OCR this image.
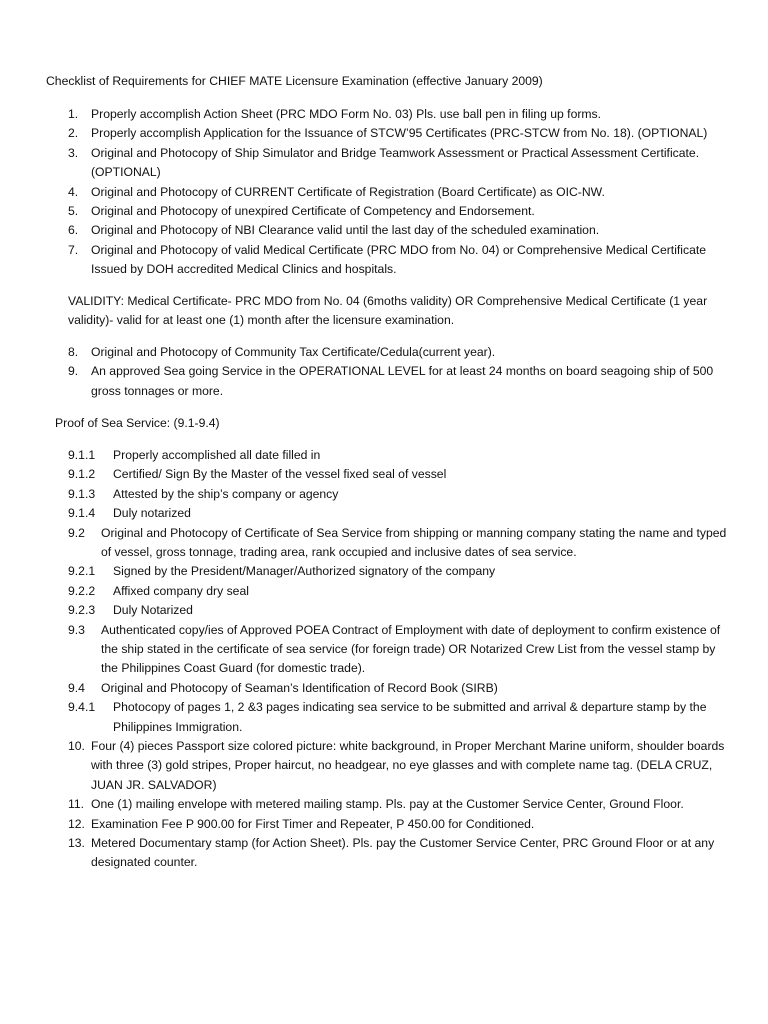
Checklist of Requirements for CHIEF MATE Licensure Examination (effective January 2009)
1.	Properly accomplish Action Sheet (PRC MDO Form No. 03) Pls. use ball pen in filing up forms.
2.	Properly accomplish Application for the Issuance of STCW’95 Certificates (PRC-STCW from No. 18). (OPTIONAL)
3.	Original and Photocopy of Ship Simulator and Bridge Teamwork Assessment or Practical Assessment Certificate.(OPTIONAL)
4.	Original and Photocopy of CURRENT Certificate of Registration (Board Certificate) as OIC-NW.
5.	Original and Photocopy of unexpired Certificate of Competency and Endorsement.
6.	Original and Photocopy of NBI Clearance valid until the last day of the scheduled examination.
7.	Original and Photocopy of valid Medical Certificate (PRC MDO from No. 04) or Comprehensive Medical Certificate Issued by DOH accredited Medical Clinics and hospitals.
VALIDITY: Medical Certificate- PRC MDO from No. 04 (6moths validity) OR Comprehensive Medical Certificate (1 year validity)- valid for at least one (1) month after the licensure examination.
8.	Original and Photocopy of Community Tax Certificate/Cedula(current year).
9.	An approved Sea going Service in the OPERATIONAL LEVEL for at least 24 months on board seagoing ship of 500 gross tonnages or more.
Proof of Sea Service: (9.1-9.4)
9.1.1	Properly accomplished all date filled in
9.1.2	Certified/ Sign By the Master of the vessel fixed seal of vessel
9.1.3	Attested by the ship’s company or agency
9.1.4	Duly notarized
9.2	Original and Photocopy of Certificate of Sea Service from shipping or manning company stating the name and typed of vessel, gross tonnage, trading area, rank occupied and inclusive dates of sea service.
9.2.1	Signed by the President/Manager/Authorized signatory of the company
9.2.2	Affixed company dry seal
9.2.3	Duly Notarized
9.3	Authenticated copy/ies of Approved POEA Contract of Employment with date of deployment to confirm existence of the ship stated in the certificate of sea service (for foreign trade) OR Notarized Crew List from the vessel stamp by the Philippines Coast Guard (for domestic trade).
9.4	Original and Photocopy of Seaman’s Identification of Record Book (SIRB)
9.4.1	Photocopy of pages 1, 2 &3 pages indicating sea service to be submitted and arrival & departure stamp by the Philippines Immigration.
10. Four (4) pieces Passport size colored picture: white background, in Proper Merchant Marine uniform, shoulder boards with three (3) gold stripes, Proper haircut, no headgear, no eye glasses and with complete name tag. (DELA CRUZ, JUAN JR. SALVADOR)
11. One (1) mailing envelope with metered mailing stamp. Pls. pay at the Customer Service Center, Ground Floor.
12. Examination Fee P 900.00 for First Timer and Repeater, P 450.00 for Conditioned.
13. Metered Documentary stamp (for Action Sheet). Pls. pay the Customer Service Center, PRC Ground Floor or at any designated counter.
